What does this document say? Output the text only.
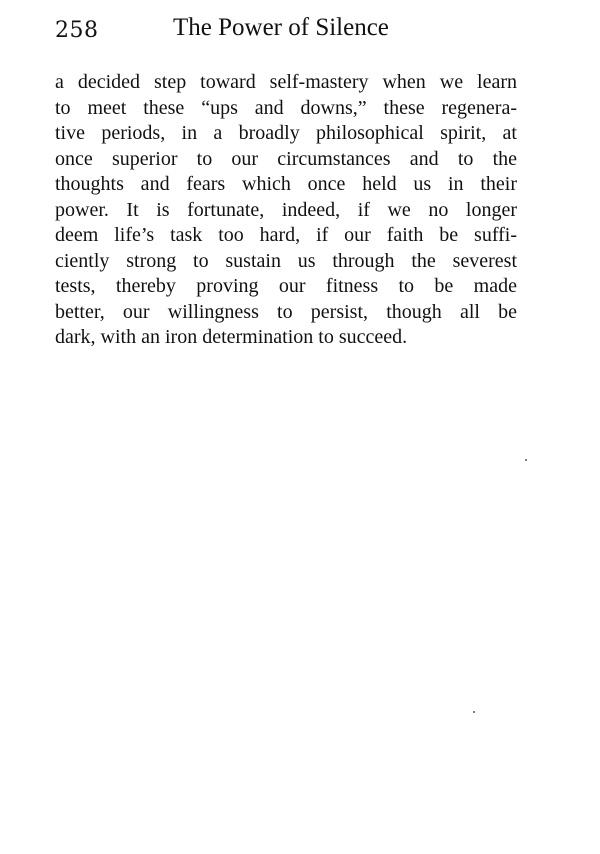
258	The Power of Silence
a decided step toward self-mastery when we learn
to meet these “ups and downs,” these regenera-
tive periods, in a broadly philosophical spirit, at
once superior to our circumstances and to the
thoughts and fears which once held us in their
power. It is fortunate, indeed, if we no longer
deem life’s task too hard, if our faith be suffi-
ciently strong to sustain us through the severest
tests, thereby proving our fitness to be made
better, our willingness to persist, though all be
dark, with an iron determination to succeed.
